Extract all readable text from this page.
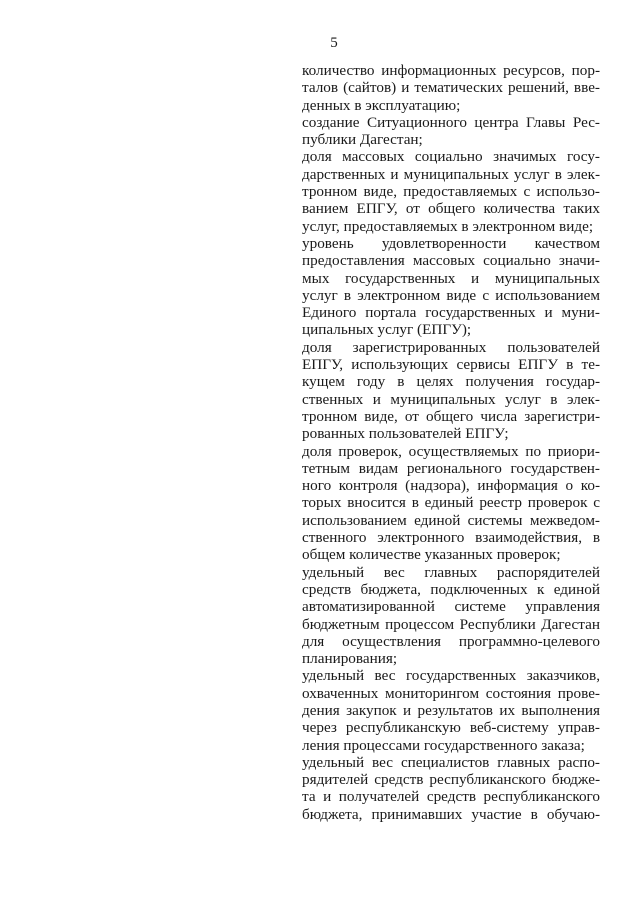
5
количество информационных ресурсов, пор-
талов (сайтов) и тематических решений, вве-
денных в эксплуатацию;
создание Ситуационного центра Главы Рес-
публики Дагестан;
доля массовых социально значимых госу-
дарственных и муниципальных услуг в элек-
тронном виде, предоставляемых с использо-
ванием ЕПГУ, от общего количества таких
услуг, предоставляемых в электронном виде;
уровень удовлетворенности качеством
предоставления массовых социально значи-
мых государственных и муниципальных
услуг в электронном виде с использованием
Единого портала государственных и муни-
ципальных услуг (ЕПГУ);
доля зарегистрированных пользователей
ЕПГУ, использующих сервисы ЕПГУ в те-
кущем году в целях получения государ-
ственных и муниципальных услуг в элек-
тронном виде, от общего числа зарегистри-
рованных пользователей ЕПГУ;
доля проверок, осуществляемых по приори-
тетным видам регионального государствен-
ного контроля (надзора), информация о ко-
торых вносится в единый реестр проверок с
использованием единой системы межведом-
ственного электронного взаимодействия, в
общем количестве указанных проверок;
удельный вес главных распорядителей
средств бюджета, подключенных к единой
автоматизированной системе управления
бюджетным процессом Республики Дагестан
для осуществления программно-целевого
планирования;
удельный вес государственных заказчиков,
охваченных мониторингом состояния прове-
дения закупок и результатов их выполнения
через республиканскую веб-систему управ-
ления процессами государственного заказа;
удельный вес специалистов главных распо-
рядителей средств республиканского бюдже-
та и получателей средств республиканского
бюджета, принимавших участие в обучаю-
